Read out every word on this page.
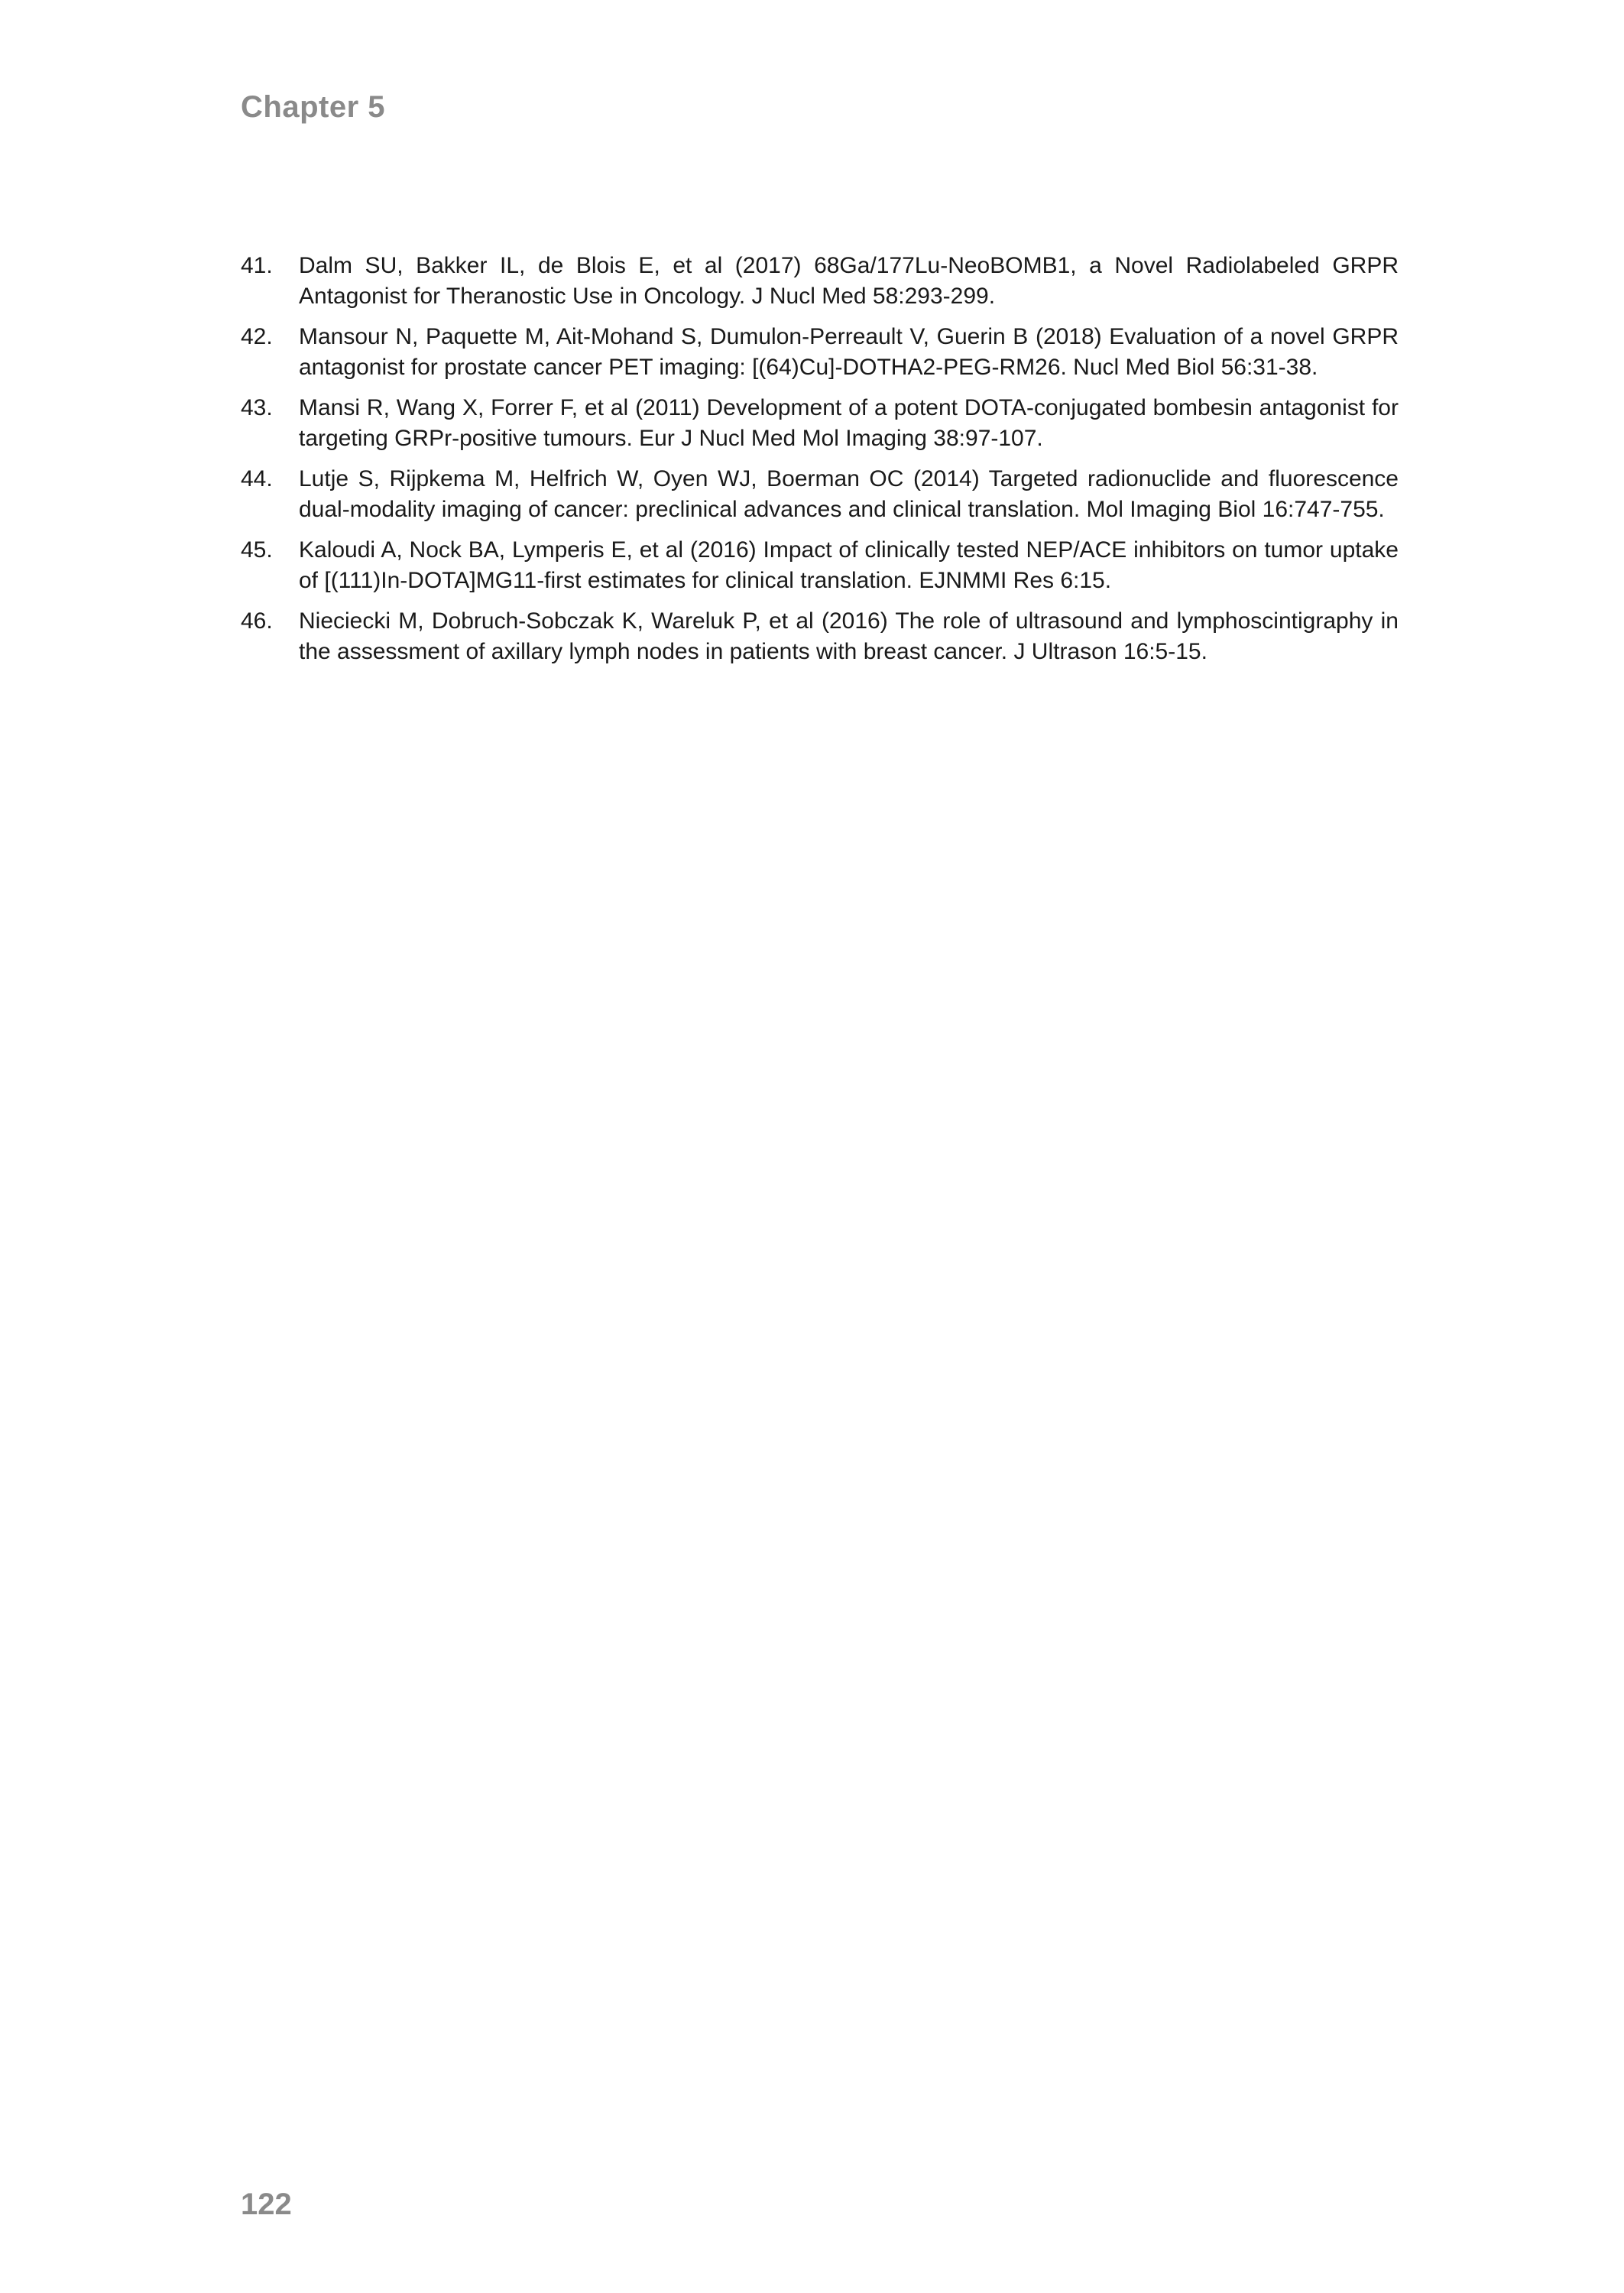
Chapter 5
41. Dalm SU, Bakker IL, de Blois E, et al (2017) 68Ga/177Lu-NeoBOMB1, a Novel Radiolabeled GRPR Antagonist for Theranostic Use in Oncology. J Nucl Med 58:293-299.
42. Mansour N, Paquette M, Ait-Mohand S, Dumulon-Perreault V, Guerin B (2018) Evaluation of a novel GRPR antagonist for prostate cancer PET imaging: [(64)Cu]-DOTHA2-PEG-RM26. Nucl Med Biol 56:31-38.
43. Mansi R, Wang X, Forrer F, et al (2011) Development of a potent DOTA-conjugated bombesin antagonist for targeting GRPr-positive tumours. Eur J Nucl Med Mol Imaging 38:97-107.
44. Lutje S, Rijpkema M, Helfrich W, Oyen WJ, Boerman OC (2014) Targeted radionuclide and fluorescence dual-modality imaging of cancer: preclinical advances and clinical translation. Mol Imaging Biol 16:747-755.
45. Kaloudi A, Nock BA, Lymperis E, et al (2016) Impact of clinically tested NEP/ACE inhibitors on tumor uptake of [(111)In-DOTA]MG11-first estimates for clinical translation. EJNMMI Res 6:15.
46. Nieciecki M, Dobruch-Sobczak K, Wareluk P, et al (2016) The role of ultrasound and lymphoscintigraphy in the assessment of axillary lymph nodes in patients with breast cancer. J Ultrason 16:5-15.
122
